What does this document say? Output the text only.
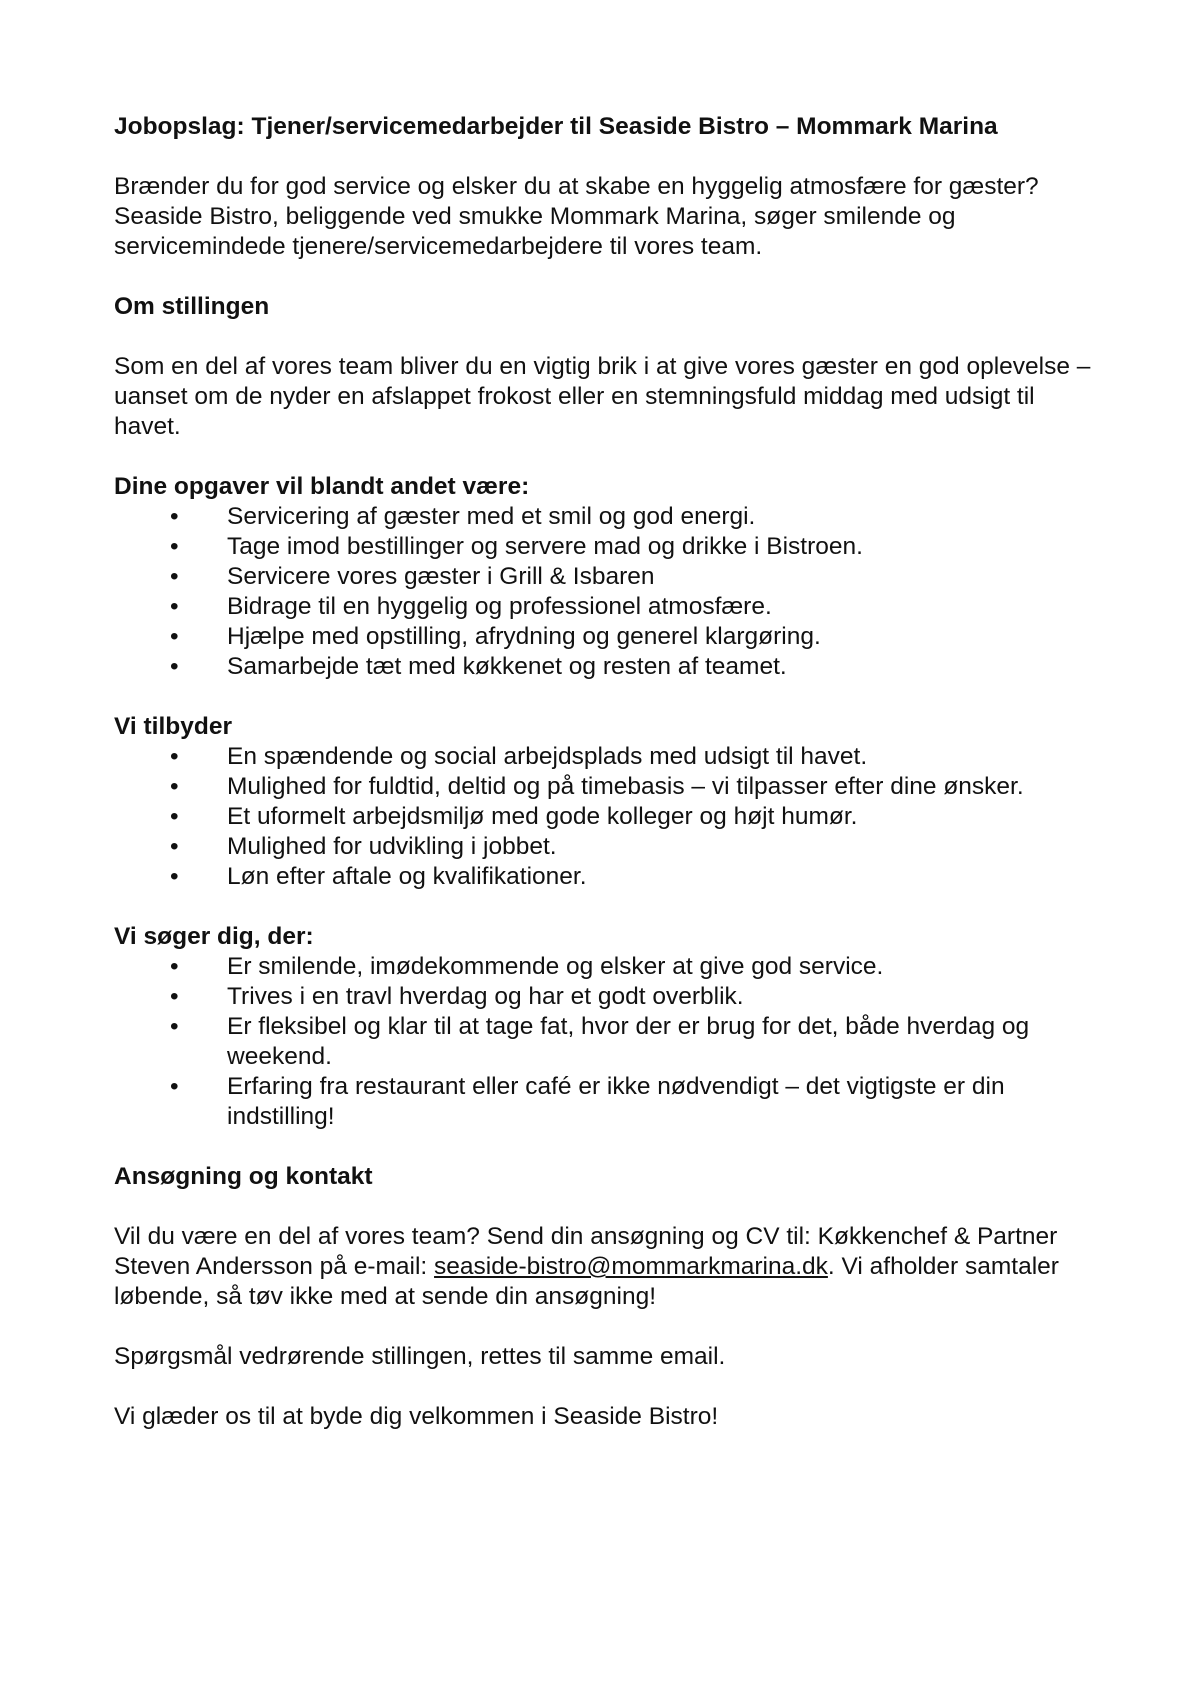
Jobopslag: Tjener/servicemedarbejder til Seaside Bistro – Mommark Marina

Brænder du for god service og elsker du at skabe en hyggelig atmosfære for gæster? Seaside Bistro, beliggende ved smukke Mommark Marina, søger smilende og servicemindede tjenere/servicemedarbejdere til vores team.

Om stillingen

Som en del af vores team bliver du en vigtig brik i at give vores gæster en god oplevelse – uanset om de nyder en afslappet frokost eller en stemningsfuld middag med udsigt til havet.

Dine opgaver vil blandt andet være:
• Servicering af gæster med et smil og god energi.
• Tage imod bestillinger og servere mad og drikke i Bistroen.
• Servicere vores gæster i Grill & Isbaren
• Bidrage til en hyggelig og professionel atmosfære.
• Hjælpe med opstilling, afrydning og generel klargøring.
• Samarbejde tæt med køkkenet og resten af teamet.
Vi tilbyder
• En spændende og social arbejdsplads med udsigt til havet.
• Mulighed for fuldtid, deltid og på timebasis – vi tilpasser efter dine ønsker.
• Et uformelt arbejdsmiljø med gode kolleger og højt humør.
• Mulighed for udvikling i jobbet.
• Løn efter aftale og kvalifikationer.
Vi søger dig, der:
• Er smilende, imødekommende og elsker at give god service.
• Trives i en travl hverdag og har et godt overblik.
• Er fleksibel og klar til at tage fat, hvor der er brug for det, både hverdag og weekend.
• Erfaring fra restaurant eller café er ikke nødvendigt – det vigtigste er din indstilling!
Ansøgning og kontakt

Vil du være en del af vores team? Send din ansøgning og CV til: Køkkenchef & Partner Steven Andersson på e-mail: seaside-bistro@mommarkmarina.dk. Vi afholder samtaler løbende, så tøv ikke med at sende din ansøgning!

Spørgsmål vedrørende stillingen, rettes til samme email.

Vi glæder os til at byde dig velkommen i Seaside Bistro!
